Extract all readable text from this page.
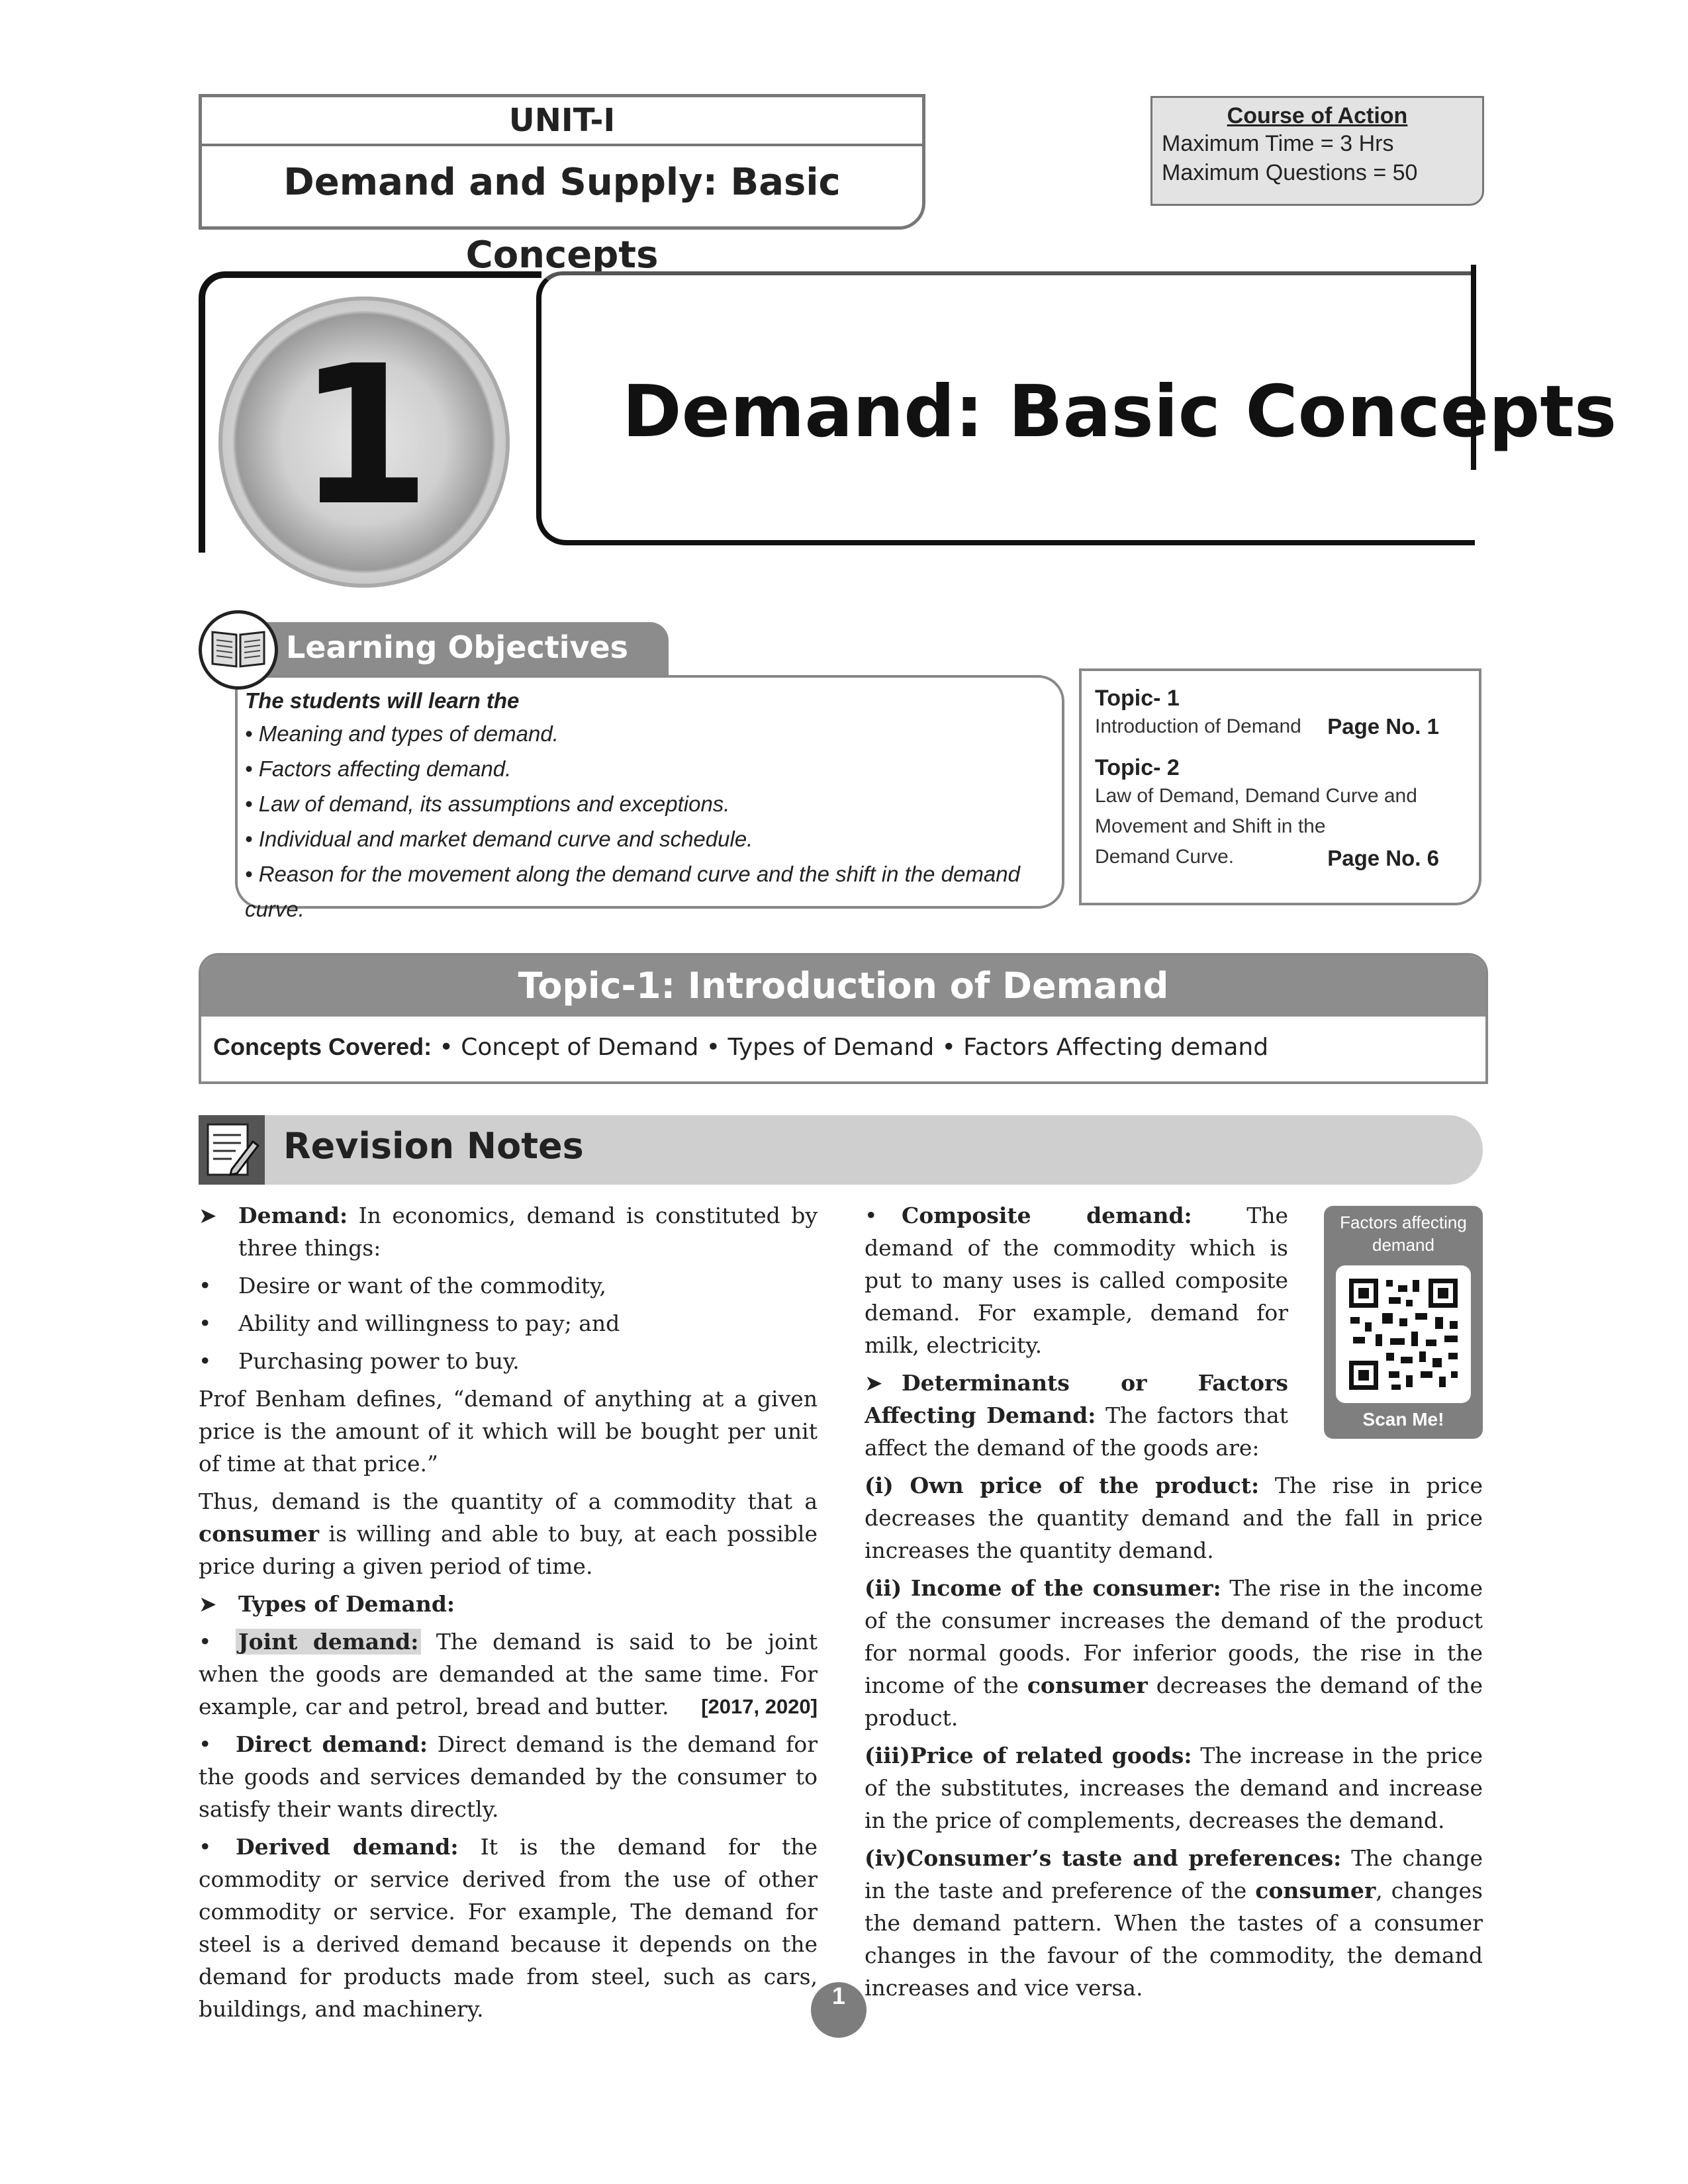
UNIT-I
Demand and Supply: Basic Concepts
Course of Action
Maximum Time = 3 Hrs
Maximum Questions = 50
1	Demand: Basic Concepts
Learning Objectives
The students will learn the
• Meaning and types of demand.
• Factors affecting demand.
• Law of demand, its assumptions and exceptions.
• Individual and market demand curve and schedule.
• Reason for the movement along the demand curve and the shift in the demand curve.
Topic- 1
Introduction of Demand Page No. 1
Topic- 2
Law of Demand, Demand Curve and
Movement and Shift in the
Demand Curve.	Page No. 6
Topic-1: Introduction of Demand
Concepts Covered: • Concept of Demand • Types of Demand • Factors Affecting demand
Revision Notes

➤ Demand: In economics, demand is constituted by three things:

• Desire or want of the commodity,

• Ability and willingness to pay; and

• Purchasing power to buy.

Prof Benham defines, “demand of anything at a given price is the amount of it which will be bought per unit of time at that price.”

Thus, demand is the quantity of a commodity that a consumer is willing and able to buy, at each possible price during a given period of time.

➤ Types of Demand:

• Joint demand: The demand is said to be joint when the goods are demanded at the same time. For example, car and petrol, bread and butter.	[2017, 2020]

• Direct demand: Direct demand is the demand for the goods and services demanded by the consumer to satisfy their wants directly.

• Derived demand: It is the demand for the commodity or service derived from the use of other commodity or service. For example, The demand for steel is a derived demand because it depends on the demand for products made from steel, such as cars, buildings, and machinery.

• Composite demand: The demand of the commodity which is put to many uses is called composite demand. For example, demand for milk, electricity.

➤ Determinants or Factors Affecting Demand: The factors that affect the demand of the goods are:

(i) Own price of the product: The rise in price decreases the quantity demand and the fall in price increases the quantity demand.

(ii) Income of the consumer: The rise in the income of the consumer increases the demand of the product for normal goods. For inferior goods, the rise in the income of the consumer decreases the demand of the product.

(iii)Price of related goods: The increase in the price of the substitutes, increases the demand and increase in the price of complements, decreases the demand.

(iv)Consumer’s taste and preferences: The change in the taste and preference of the consumer, changes the demand pattern. When the tastes of a consumer changes in the favour of the commodity, the demand increases and vice versa.

Factors affecting demand
Scan Me!
1
